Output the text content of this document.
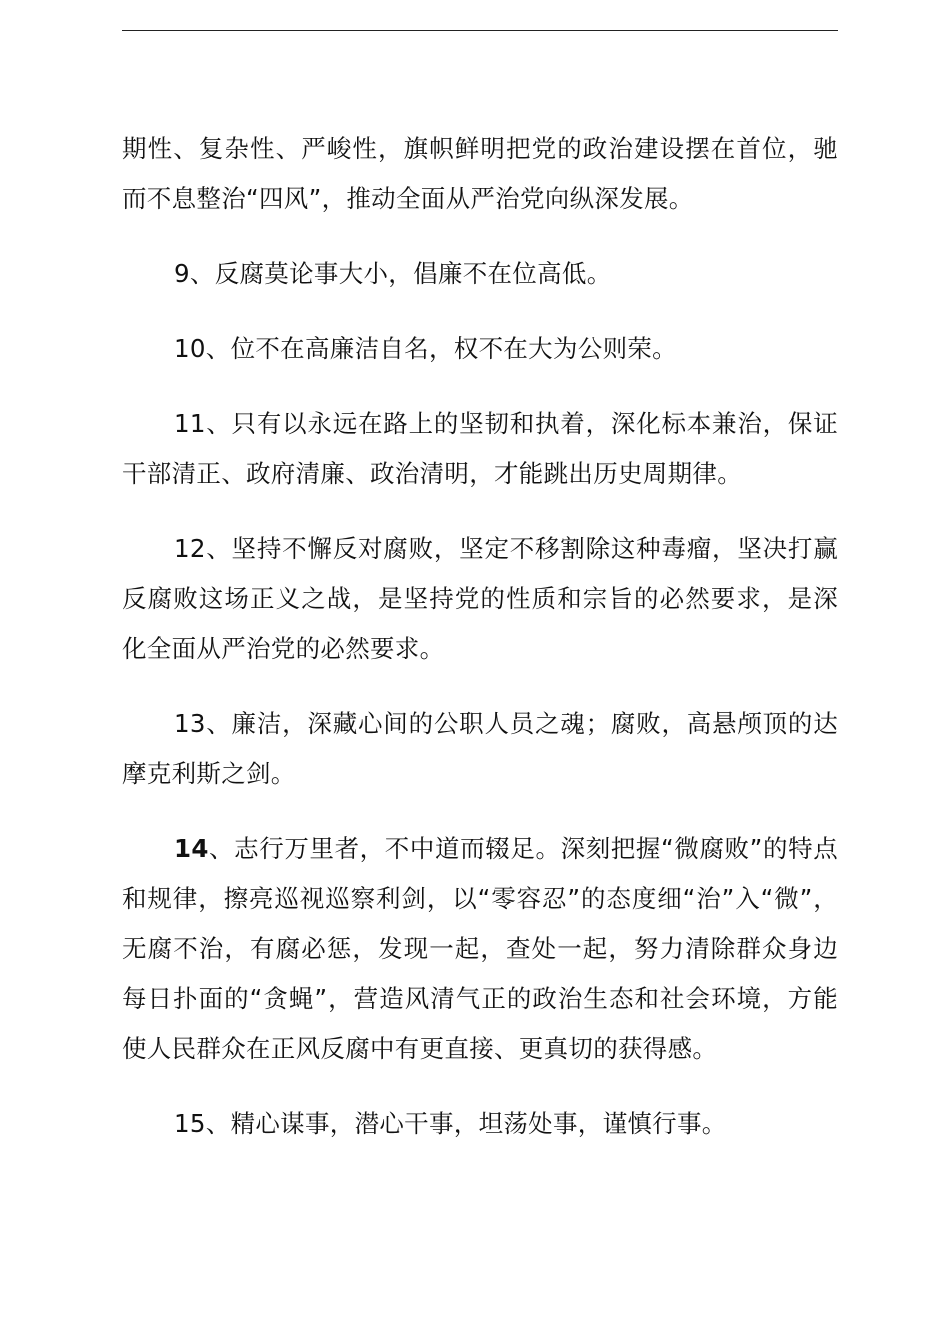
期性、复杂性、严峻性，旗帜鲜明把党的政治建设摆在首位，驰而不息整治“四风”，推动全面从严治党向纵深发展。

9、反腐莫论事大小，倡廉不在位高低。

10、位不在高廉洁自名，权不在大为公则荣。

11、只有以永远在路上的坚韧和执着，深化标本兼治，保证干部清正、政府清廉、政治清明，才能跳出历史周期律。

12、坚持不懈反对腐败，坚定不移割除这种毒瘤，坚决打赢反腐败这场正义之战，是坚持党的性质和宗旨的必然要求，是深化全面从严治党的必然要求。

13、廉洁，深藏心间的公职人员之魂；腐败，高悬颅顶的达摩克利斯之剑。

14、志行万里者，不中道而辍足。深刻把握“微腐败”的特点和规律，擦亮巡视巡察利剑，以“零容忍”的态度细“治”入“微”，无腐不治，有腐必惩，发现一起，查处一起，努力清除群众身边每日扑面的“贪蝇”，营造风清气正的政治生态和社会环境，方能使人民群众在正风反腐中有更直接、更真切的获得感。

15、精心谋事，潜心干事，坦荡处事，谨慎行事。
